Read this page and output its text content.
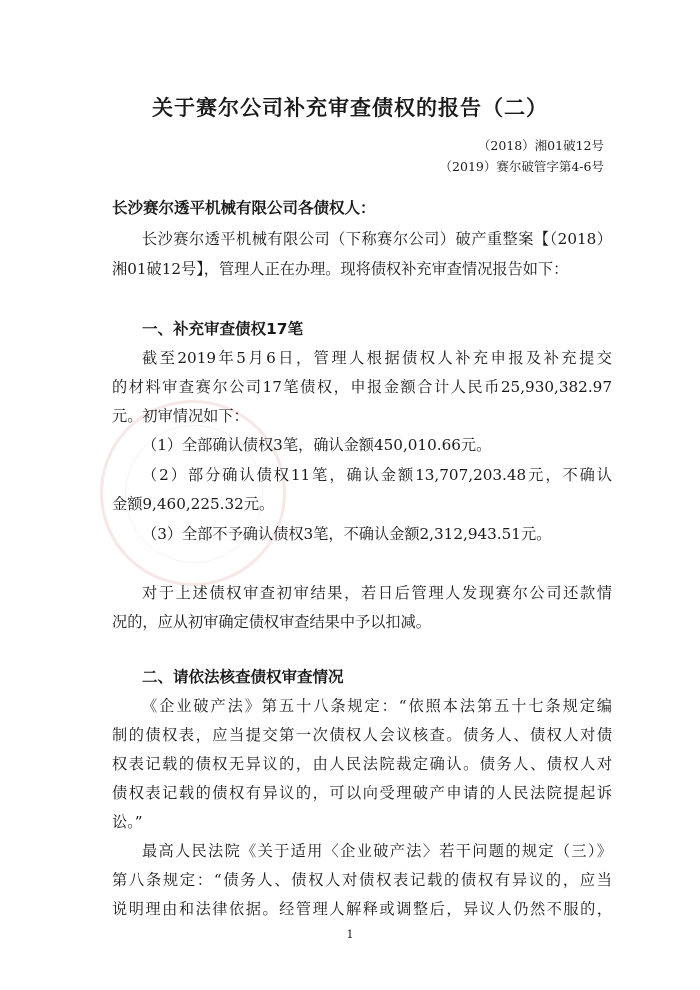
关于赛尔公司补充审查债权的报告（二）
（2018）湘01破12号
（2019）赛尔破管字第4-6号
长沙赛尔透平机械有限公司各债权人：
长沙赛尔透平机械有限公司（下称赛尔公司）破产重整案【（2018）
湘01破12号】，管理人正在办理。现将债权补充审查情况报告如下：
一、补充审查债权17笔
截至2019年5月6日，管理人根据债权人补充申报及补充提交
的材料审查赛尔公司17笔债权，申报金额合计人民币25,930,382.97
元。初审情况如下：
（1）全部确认债权3笔，确认金额450,010.66元。
（2）部分确认债权11笔，确认金额13,707,203.48元，不确认
金额9,460,225.32元。
（3）全部不予确认债权3笔，不确认金额2,312,943.51元。
对于上述债权审查初审结果，若日后管理人发现赛尔公司还款情
况的，应从初审确定债权审查结果中予以扣减。
二、请依法核查债权审查情况
《企业破产法》第五十八条规定：“依照本法第五十七条规定编
制的债权表，应当提交第一次债权人会议核查。债务人、债权人对债
权表记载的债权无异议的，由人民法院裁定确认。债务人、债权人对
债权表记载的债权有异议的，可以向受理破产申请的人民法院提起诉
讼。”
最高人民法院《关于适用〈企业破产法〉若干问题的规定（三）》
第八条规定：“债务人、债权人对债权表记载的债权有异议的，应当
说明理由和法律依据。经管理人解释或调整后，异议人仍然不服的，
1
